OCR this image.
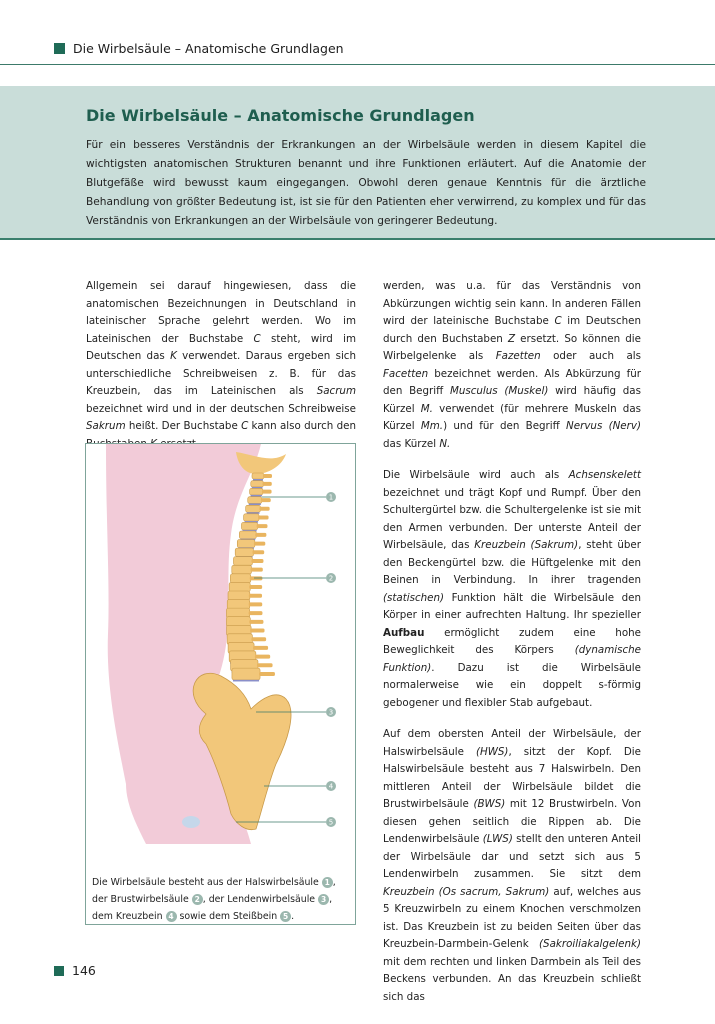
Die Wirbelsäule – Anatomische Grundlagen
Die Wirbelsäule – Anatomische Grundlagen
Für ein besseres Verständnis der Erkrankungen an der Wirbelsäule werden in diesem Kapitel die wichtigsten anatomischen Strukturen benannt und ihre Funktionen erläutert. Auf die Anatomie der Blutgefäße wird bewusst kaum eingegangen. Obwohl deren genaue Kenntnis für die ärztliche Behandlung von größter Bedeutung ist, ist sie für den Patienten eher verwirrend, zu komplex und für das Verständnis von Erkrankungen an der Wirbelsäule von geringerer Bedeutung.

Allgemein sei darauf hingewiesen, dass die anatomischen Bezeichnungen in Deutschland in lateinischer Sprache gelehrt werden. Wo im Lateinischen der Buchstabe C steht, wird im Deutschen das K verwendet. Daraus ergeben sich unterschiedliche Schreibweisen z. B. für das Kreuzbein, das im Lateinischen als Sacrum bezeichnet wird und in der deutschen Schreibweise Sakrum heißt. Der Buchstabe C kann also durch den

1
2
3
4
5
Die Wirbelsäule besteht aus der Halswirbelsäule 1 ,
der Brustwirbelsäule 2 , der Lendenwirbelsäule 3 ,
dem Kreuzbein 4 sowie dem Steißbein 5 .

werden, was u.a. für das Verständnis von Abkürzungen wichtig sein kann. In anderen Fällen wird der lateinische Buchstabe C im Deutschen durch den Buchstaben Z ersetzt. So können die Wirbelgelenke als Fazetten oder auch als Facetten bezeichnet werden. Als Abkürzung für den Begriff Musculus (Muskel) wird häufig das Kürzel M. verwendet (für mehrere Muskeln das Kürzel Mm.) und für den Begriff Nervus (Nerv) das Kürzel N.

Die Wirbelsäule wird auch als Achsenskelett bezeichnet und trägt Kopf und Rumpf. Über den Schultergürtel bzw. die Schultergelenke ist sie mit den Armen verbunden. Der unterste Anteil der Wirbelsäule, das Kreuzbein (Sakrum), steht über den Beckengürtel bzw. die Hüftgelenke mit den Beinen in Verbindung. In ihrer tragenden (statischen) Funktion hält die Wirbelsäule den Körper in einer aufrechten Haltung. Ihr spezieller Aufbau ermöglicht zudem eine hohe Beweglichkeit des Körpers (dynamische Funktion). Dazu ist die Wirbelsäule normalerweise wie ein doppelt s-förmig gebogener und flexibler Stab aufgebaut.

Auf dem obersten Anteil der Wirbelsäule, der Halswirbelsäule (HWS), sitzt der Kopf. Die Halswirbelsäule besteht aus 7 Halswirbeln. Den mittleren Anteil der Wirbelsäule bildet die Brustwirbelsäule (BWS) mit 12 Brustwirbeln. Von diesen gehen seitlich die Rippen ab. Die Lendenwirbelsäule (LWS) stellt den unteren Anteil der Wirbelsäule dar und setzt sich aus 5 Lendenwirbeln zusammen. Sie sitzt dem Kreuzbein (Os sacrum, Sakrum) auf, welches aus 5 Kreuzwirbeln zu einem Knochen verschmolzen ist. Das Kreuzbein ist zu beiden Seiten über das Kreuzbein-Darmbein-Gelenk (Sakroiliakalgelenk) mit dem rechten und linken Darmbein als Teil des Beckens verbunden. An das Kreuzbein schließt sich das

146
